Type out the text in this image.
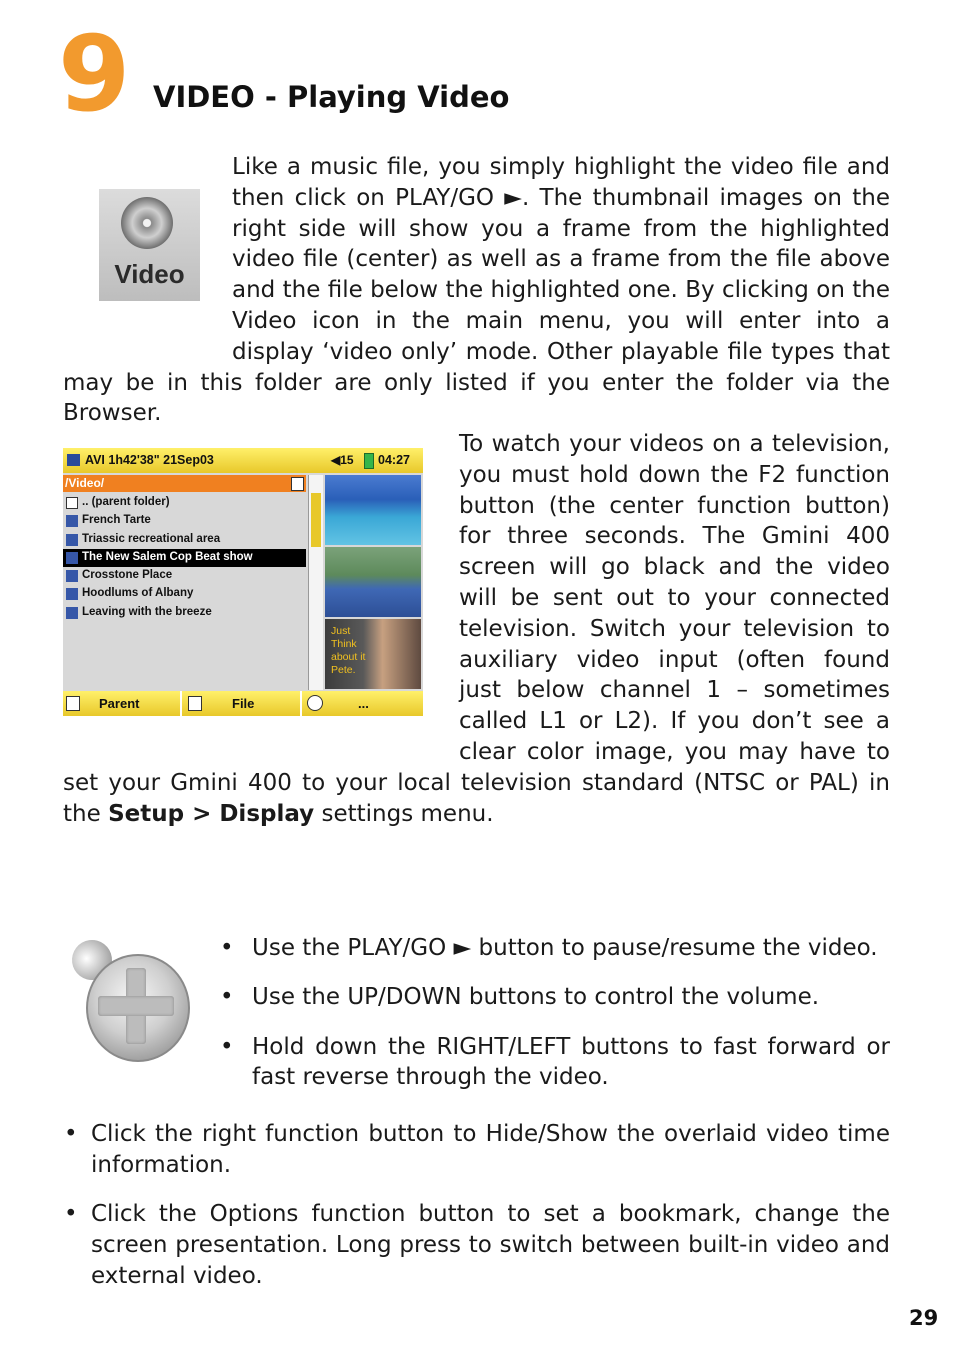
9 VIDEO - Playing Video
Video

Like a music file, you simply highlight the video file and then click on PLAY/GO ►. The thumbnail images on the right side will show you a frame from the highlighted video file (center) as well as a frame from the file above and the file below the highlighted one. By clicking on the Video icon in the main menu, you will enter into a display ‘video only’ mode. Other playable file types that may be in this folder are only listed if you enter the folder via the Browser.

AVI 1h42'38" 21Sep03	◀15 04:27
/Video/
.. (parent folder)
French Tarte
Triassic recreational area
The New Salem Cop Beat show
Crosstone Place
Hoodlums of Albany
Leaving with the breeze
Just Think about it Pete.
Parent	File	...

To watch your videos on a television, you must hold down the F2 function button (the center function button) for three seconds. The Gmini 400 screen will go black and the video will be sent out to your connected television. Switch your television to auxiliary video input (often found just below channel 1 – sometimes called L1 or L2). If you don’t see a clear color image, you may have to set your Gmini 400 to your local television standard (NTSC or PAL) in the Setup > Display settings menu.

• Use the PLAY/GO ► button to pause/resume the video.
• Use the UP/DOWN buttons to control the volume.
• Hold down the RIGHT/LEFT buttons to fast forward or fast reverse through the video.
• Click the right function button to Hide/Show the overlaid video time information.
• Click the Options function button to set a bookmark, change the screen presentation. Long press to switch between built-in video and external video.
29
